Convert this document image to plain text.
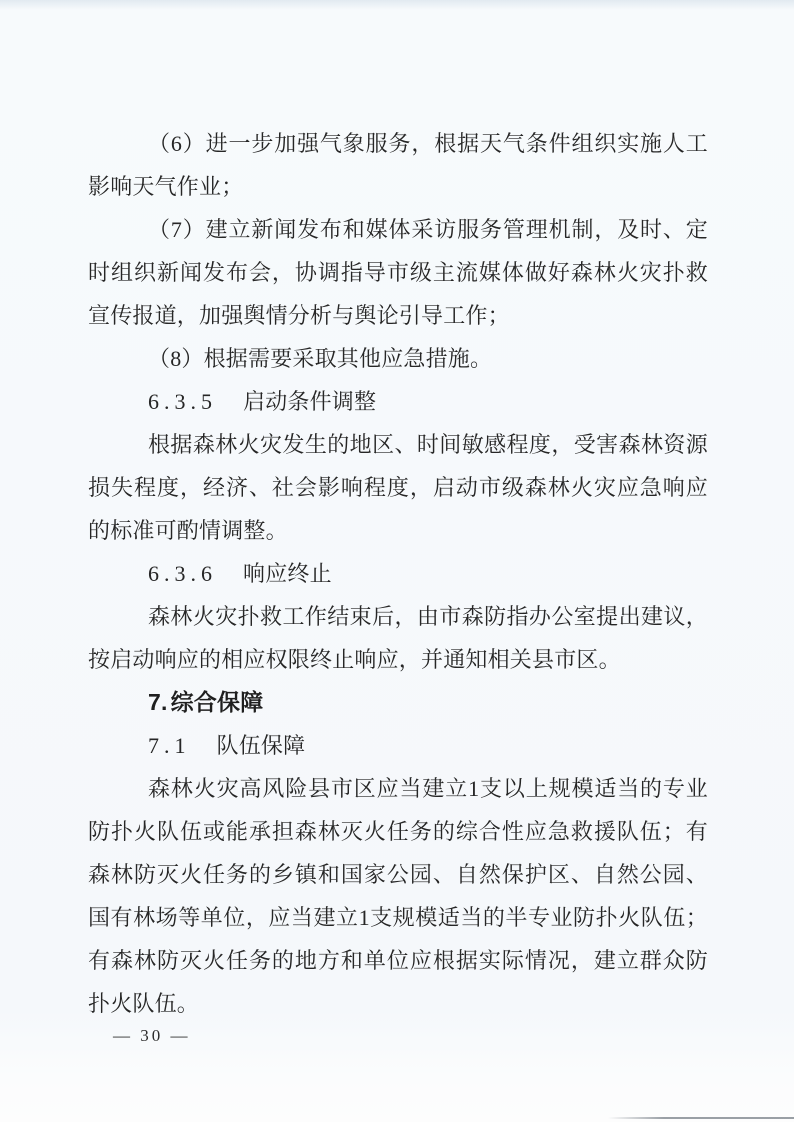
（6）进一步加强气象服务，根据天气条件组织实施人工影响天气作业；

（7）建立新闻发布和媒体采访服务管理机制，及时、定时组织新闻发布会，协调指导市级主流媒体做好森林火灾扑救宣传报道，加强舆情分析与舆论引导工作；

（8）根据需要采取其他应急措施。

6.3.5 启动条件调整

根据森林火灾发生的地区、时间敏感程度，受害森林资源损失程度，经济、社会影响程度，启动市级森林火灾应急响应的标准可酌情调整。

6.3.6 响应终止

森林火灾扑救工作结束后，由市森防指办公室提出建议，按启动响应的相应权限终止响应，并通知相关县市区。

7. 综合保障
7.1 队伍保障

森林火灾高风险县市区应当建立1支以上规模适当的专业防扑火队伍或能承担森林灭火任务的综合性应急救援队伍；有森林防灭火任务的乡镇和国家公园、自然保护区、自然公园、国有林场等单位，应当建立1支规模适当的半专业防扑火队伍；有森林防灭火任务的地方和单位应根据实际情况，建立群众防扑火队伍。

— 30 —
